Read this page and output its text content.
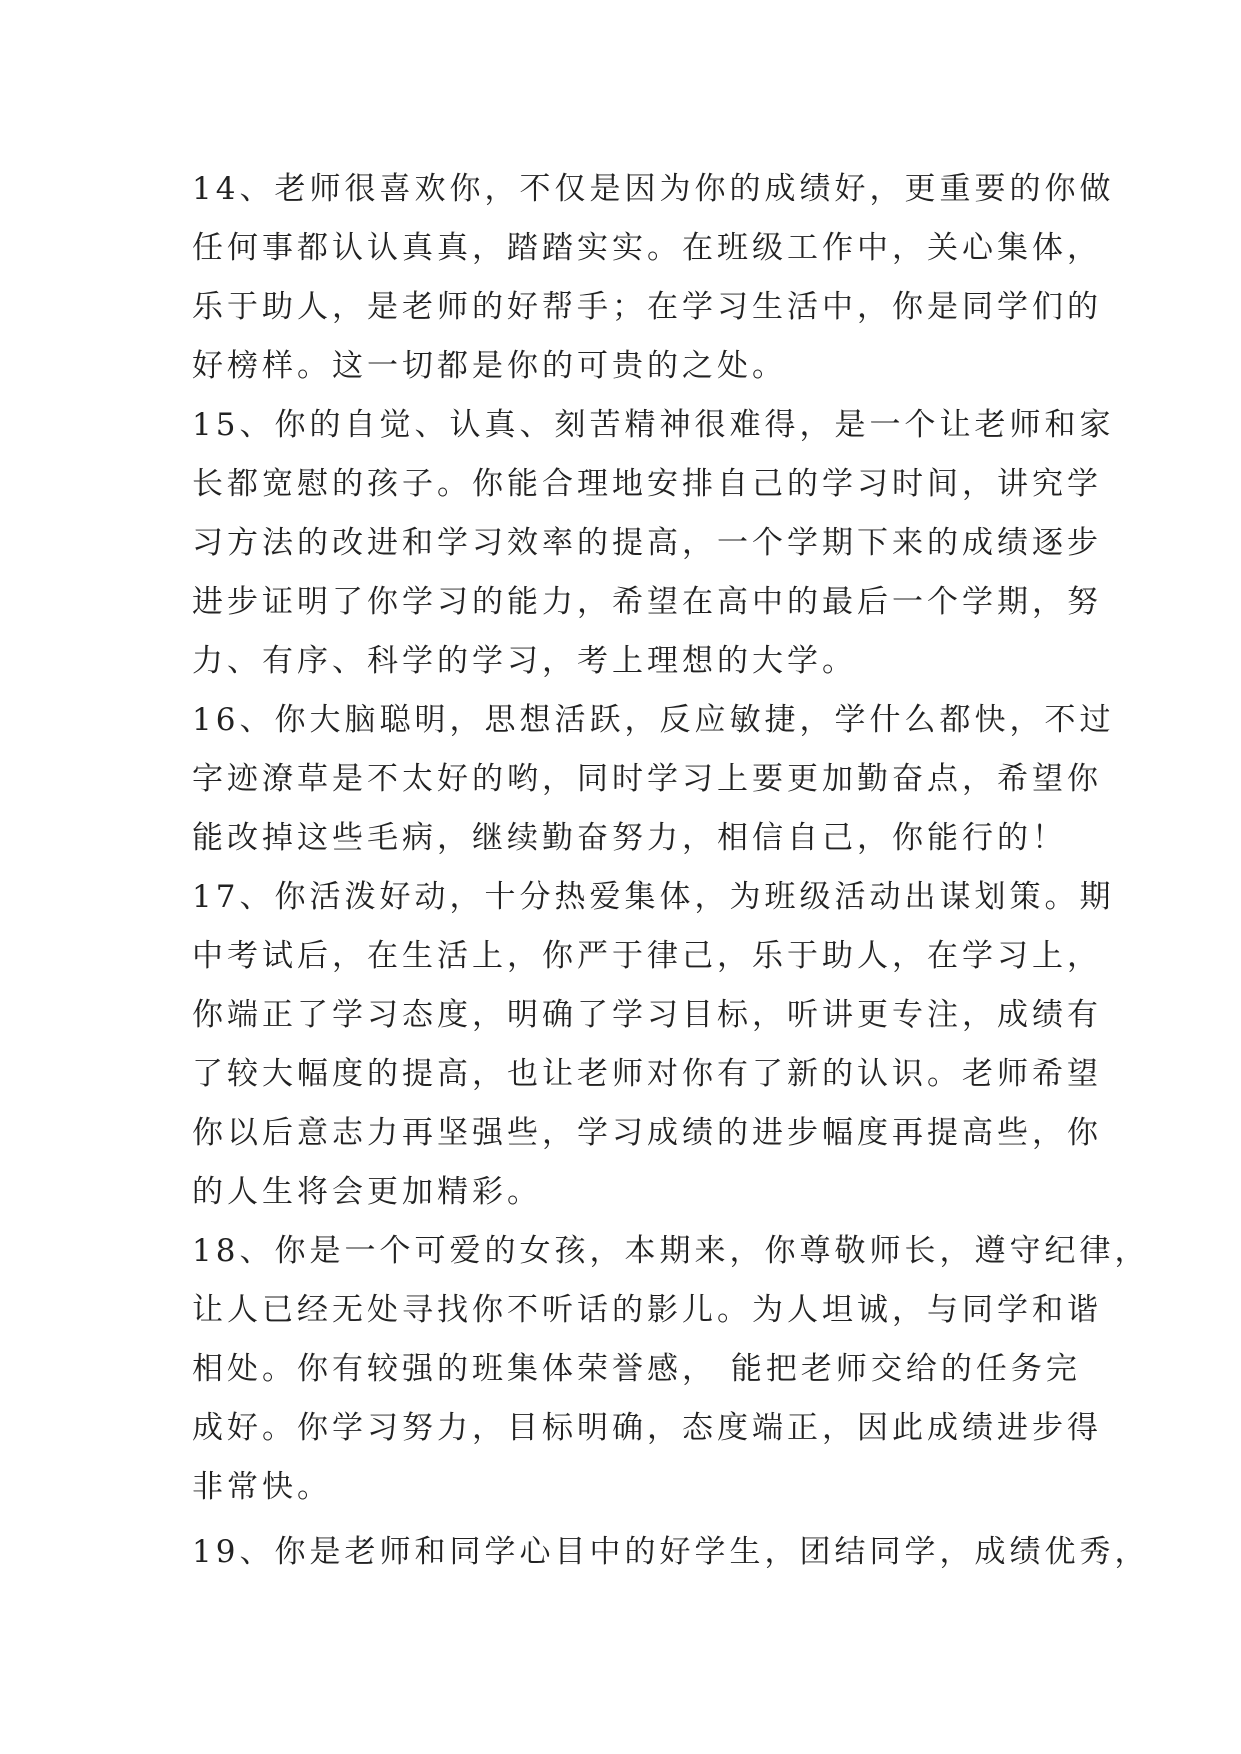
14、老师很喜欢你，不仅是因为你的成绩好，更重要的你做
任何事都认认真真，踏踏实实。在班级工作中，关心集体，
乐于助人，是老师的好帮手；在学习生活中，你是同学们的
好榜样。这一切都是你的可贵的之处。
15、你的自觉、认真、刻苦精神很难得，是一个让老师和家
长都宽慰的孩子。你能合理地安排自己的学习时间，讲究学
习方法的改进和学习效率的提高，一个学期下来的成绩逐步
进步证明了你学习的能力，希望在高中的最后一个学期，努
力、有序、科学的学习，考上理想的大学。
16、你大脑聪明，思想活跃，反应敏捷，学什么都快，不过
字迹潦草是不太好的哟，同时学习上要更加勤奋点，希望你
能改掉这些毛病，继续勤奋努力，相信自己，你能行的！
17、你活泼好动，十分热爱集体，为班级活动出谋划策。期
中考试后，在生活上，你严于律己，乐于助人，在学习上，
你端正了学习态度，明确了学习目标，听讲更专注，成绩有
了较大幅度的提高，也让老师对你有了新的认识。老师希望
你以后意志力再坚强些，学习成绩的进步幅度再提高些，你
的人生将会更加精彩。
18、你是一个可爱的女孩，本期来，你尊敬师长，遵守纪律，
让人已经无处寻找你不听话的影儿。为人坦诚，与同学和谐
相处。你有较强的班集体荣誉感， 能把老师交给的任务完
成好。你学习努力，目标明确，态度端正，因此成绩进步得
非常快。
19、你是老师和同学心目中的好学生，团结同学，成绩优秀，
